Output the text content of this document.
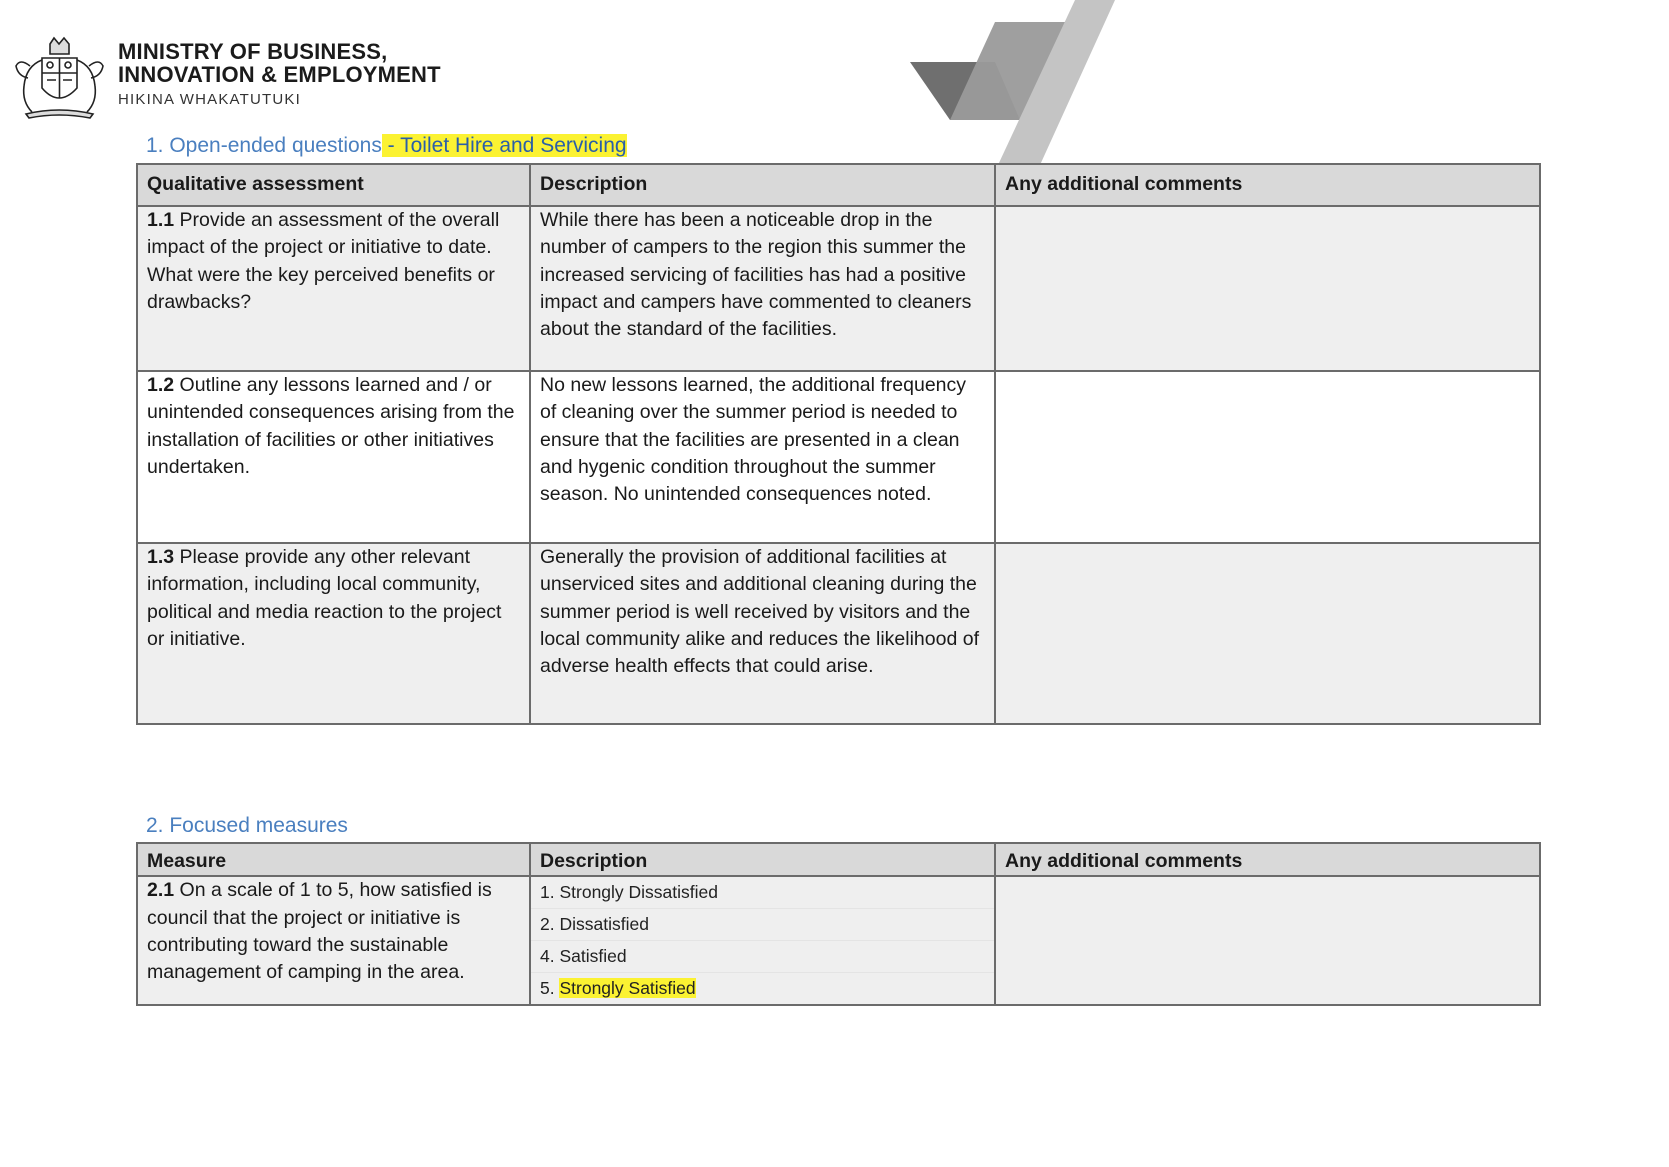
MINISTRY OF BUSINESS,
INNOVATION & EMPLOYMENT
HIKINA WHAKATUTUKI
1. Open-ended questions - Toilet Hire and Servicing
Qualitative assessment	Description	Any additional comments
1.1 Provide an assessment of the overall impact of the project or initiative to date. What were the key perceived benefits or drawbacks?	While there has been a noticeable drop in the number of campers to the region this summer the increased servicing of facilities has had a positive impact and campers have commented to cleaners about the standard of the facilities.	
1.2 Outline any lessons learned and / or unintended consequences arising from the installation of facilities or other initiatives undertaken.	No new lessons learned, the additional frequency of cleaning over the summer period is needed to ensure that the facilities are presented in a clean and hygenic condition throughout the summer season. No unintended consequences noted.	
1.3 Please provide any other relevant information, including local community, political and media reaction to the project or initiative.	Generally the provision of additional facilities at unserviced sites and additional cleaning during the summer period is well received by visitors and the local community alike and reduces the likelihood of adverse health effects that could arise.	
2. Focused measures
Measure	Description	Any additional comments
2.1 On a scale of 1 to 5, how satisfied is council that the project or initiative is contributing toward the sustainable management of camping in the area.	1. Strongly Dissatisfied
2. Dissatisfied
4. Satisfied
5. Strongly Satisfied	
